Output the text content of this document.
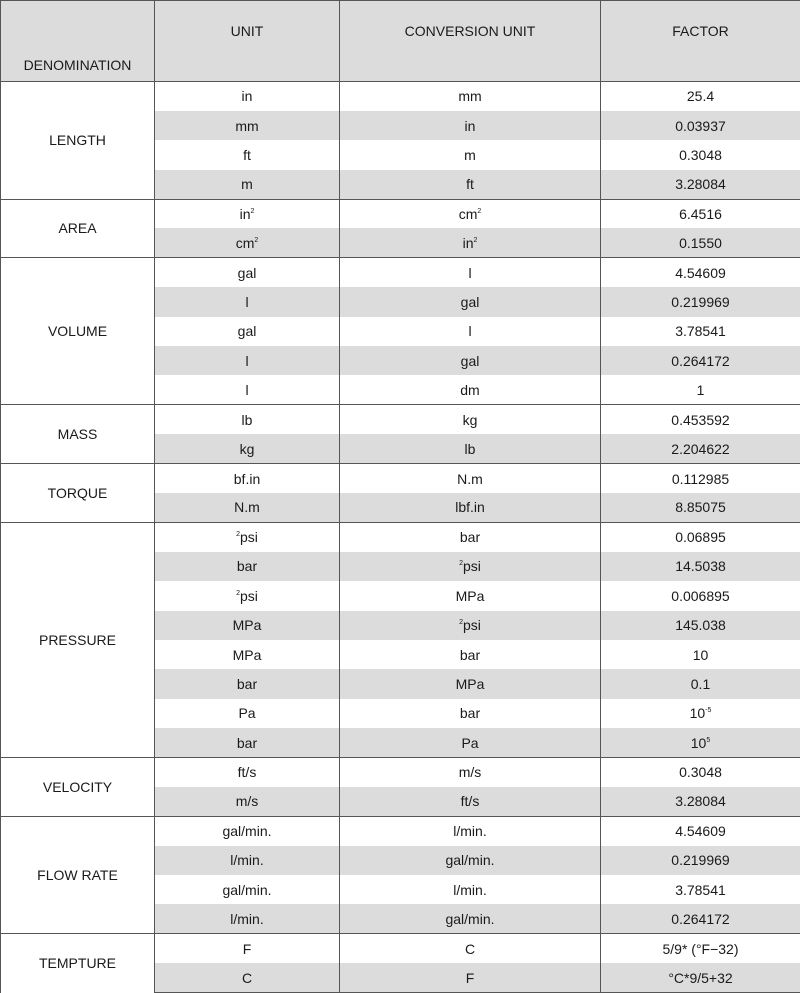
DENOMINATION	UNIT	CONVERSION UNIT	FACTOR
LENGTH	in	mm	25.4
	mm	in	0.03937
	ft	m	0.3048
	m	ft	3.28084
AREA	$in^2$	$cm^2$	6.4516
	$cm^2$	$in^2$	0.1550
VOLUME	gal	l	4.54609
	l	gal	0.219969
	gal	l	3.78541
	l	gal	0.264172
	l	dm	1
MASS	lb	kg	0.453592
	kg	lb	2.204622
TORQUE	bf.in	N.m	0.112985
	N.m	lbf.in	8.85075
PRESSURE	$^2$psi	bar	0.06895
	bar	$^2$psi	14.5038
	$^2$psi	MPa	0.006895
	MPa	$^2$psi	145.038
	MPa	bar	10
	bar	MPa	0.1
	Pa	bar	$10^{-5}$
	bar	Pa	$10^5$
VELOCITY	ft/s	m/s	0.3048
	m/s	ft/s	3.28084
FLOW RATE	gal/min.	l/min.	4.54609
	l/min.	gal/min.	0.219969
	gal/min.	l/min.	3.78541
	l/min.	gal/min.	0.264172
TEMPTURE	F	C	5/9* (°F−32)
	C	F	°C*9/5+32
